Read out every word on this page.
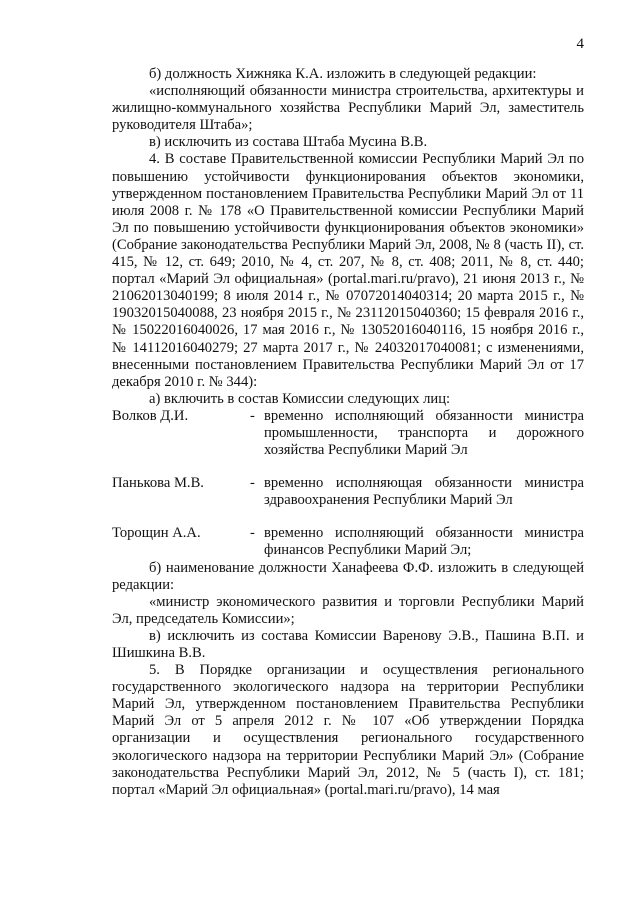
4

б) должность Хижняка К.А. изложить в следующей редакции:

«исполняющий обязанности министра строительства, архитектуры и жилищно-коммунального хозяйства Республики Марий Эл, заместитель руководителя Штаба»;

в) исключить из состава Штаба Мусина В.В.

4. В составе Правительственной комиссии Республики Марий Эл по повышению устойчивости функционирования объектов экономики, утвержденном постановлением Правительства Республики Марий Эл от 11 июля 2008 г. № 178 «О Правительственной комиссии Республики Марий Эл по повышению устойчивости функционирования объектов экономики» (Собрание законодательства Республики Марий Эл, 2008, № 8 (часть II), ст. 415, № 12, ст. 649; 2010, № 4, ст. 207, № 8, ст. 408; 2011, № 8, ст. 440; портал «Марий Эл официальная» (portal.mari.ru/pravo), 21 июня 2013 г., № 21062013040199; 8 июля 2014 г., № 07072014040314; 20 марта 2015 г., № 19032015040088, 23 ноября 2015 г., № 23112015040360; 15 февраля 2016 г., № 15022016040026, 17 мая 2016 г., № 13052016040116, 15 ноября 2016 г., № 14112016040279; 27 марта 2017 г., № 24032017040081; с изменениями, внесенными постановлением Правительства Республики Марий Эл от 17 декабря 2010 г. № 344):

а) включить в состав Комиссии следующих лиц:

Волков Д.И.	- временно исполняющий обязанности министра промышленности, транспорта и дорожного хозяйства Республики Марий Эл
Панькова М.В.	- временно исполняющая обязанности министра здравоохранения Республики Марий Эл
Торощин А.А.	- временно исполняющий обязанности министра финансов Республики Марий Эл;

б) наименование должности Ханафеева Ф.Ф. изложить в следующей редакции:

«министр экономического развития и торговли Республики Марий Эл, председатель Комиссии»;

в) исключить из состава Комиссии Варенову Э.В., Пашина В.П. и Шишкина В.В.

5. В Порядке организации и осуществления регионального государственного экологического надзора на территории Республики Марий Эл, утвержденном постановлением Правительства Республики Марий Эл от 5 апреля 2012 г. № 107 «Об утверждении Порядка организации и осуществления регионального государственного экологического надзора на территории Республики Марий Эл» (Собрание законодательства Республики Марий Эл, 2012, № 5 (часть I), ст. 181; портал «Марий Эл официальная» (portal.mari.ru/pravo), 14 мая
